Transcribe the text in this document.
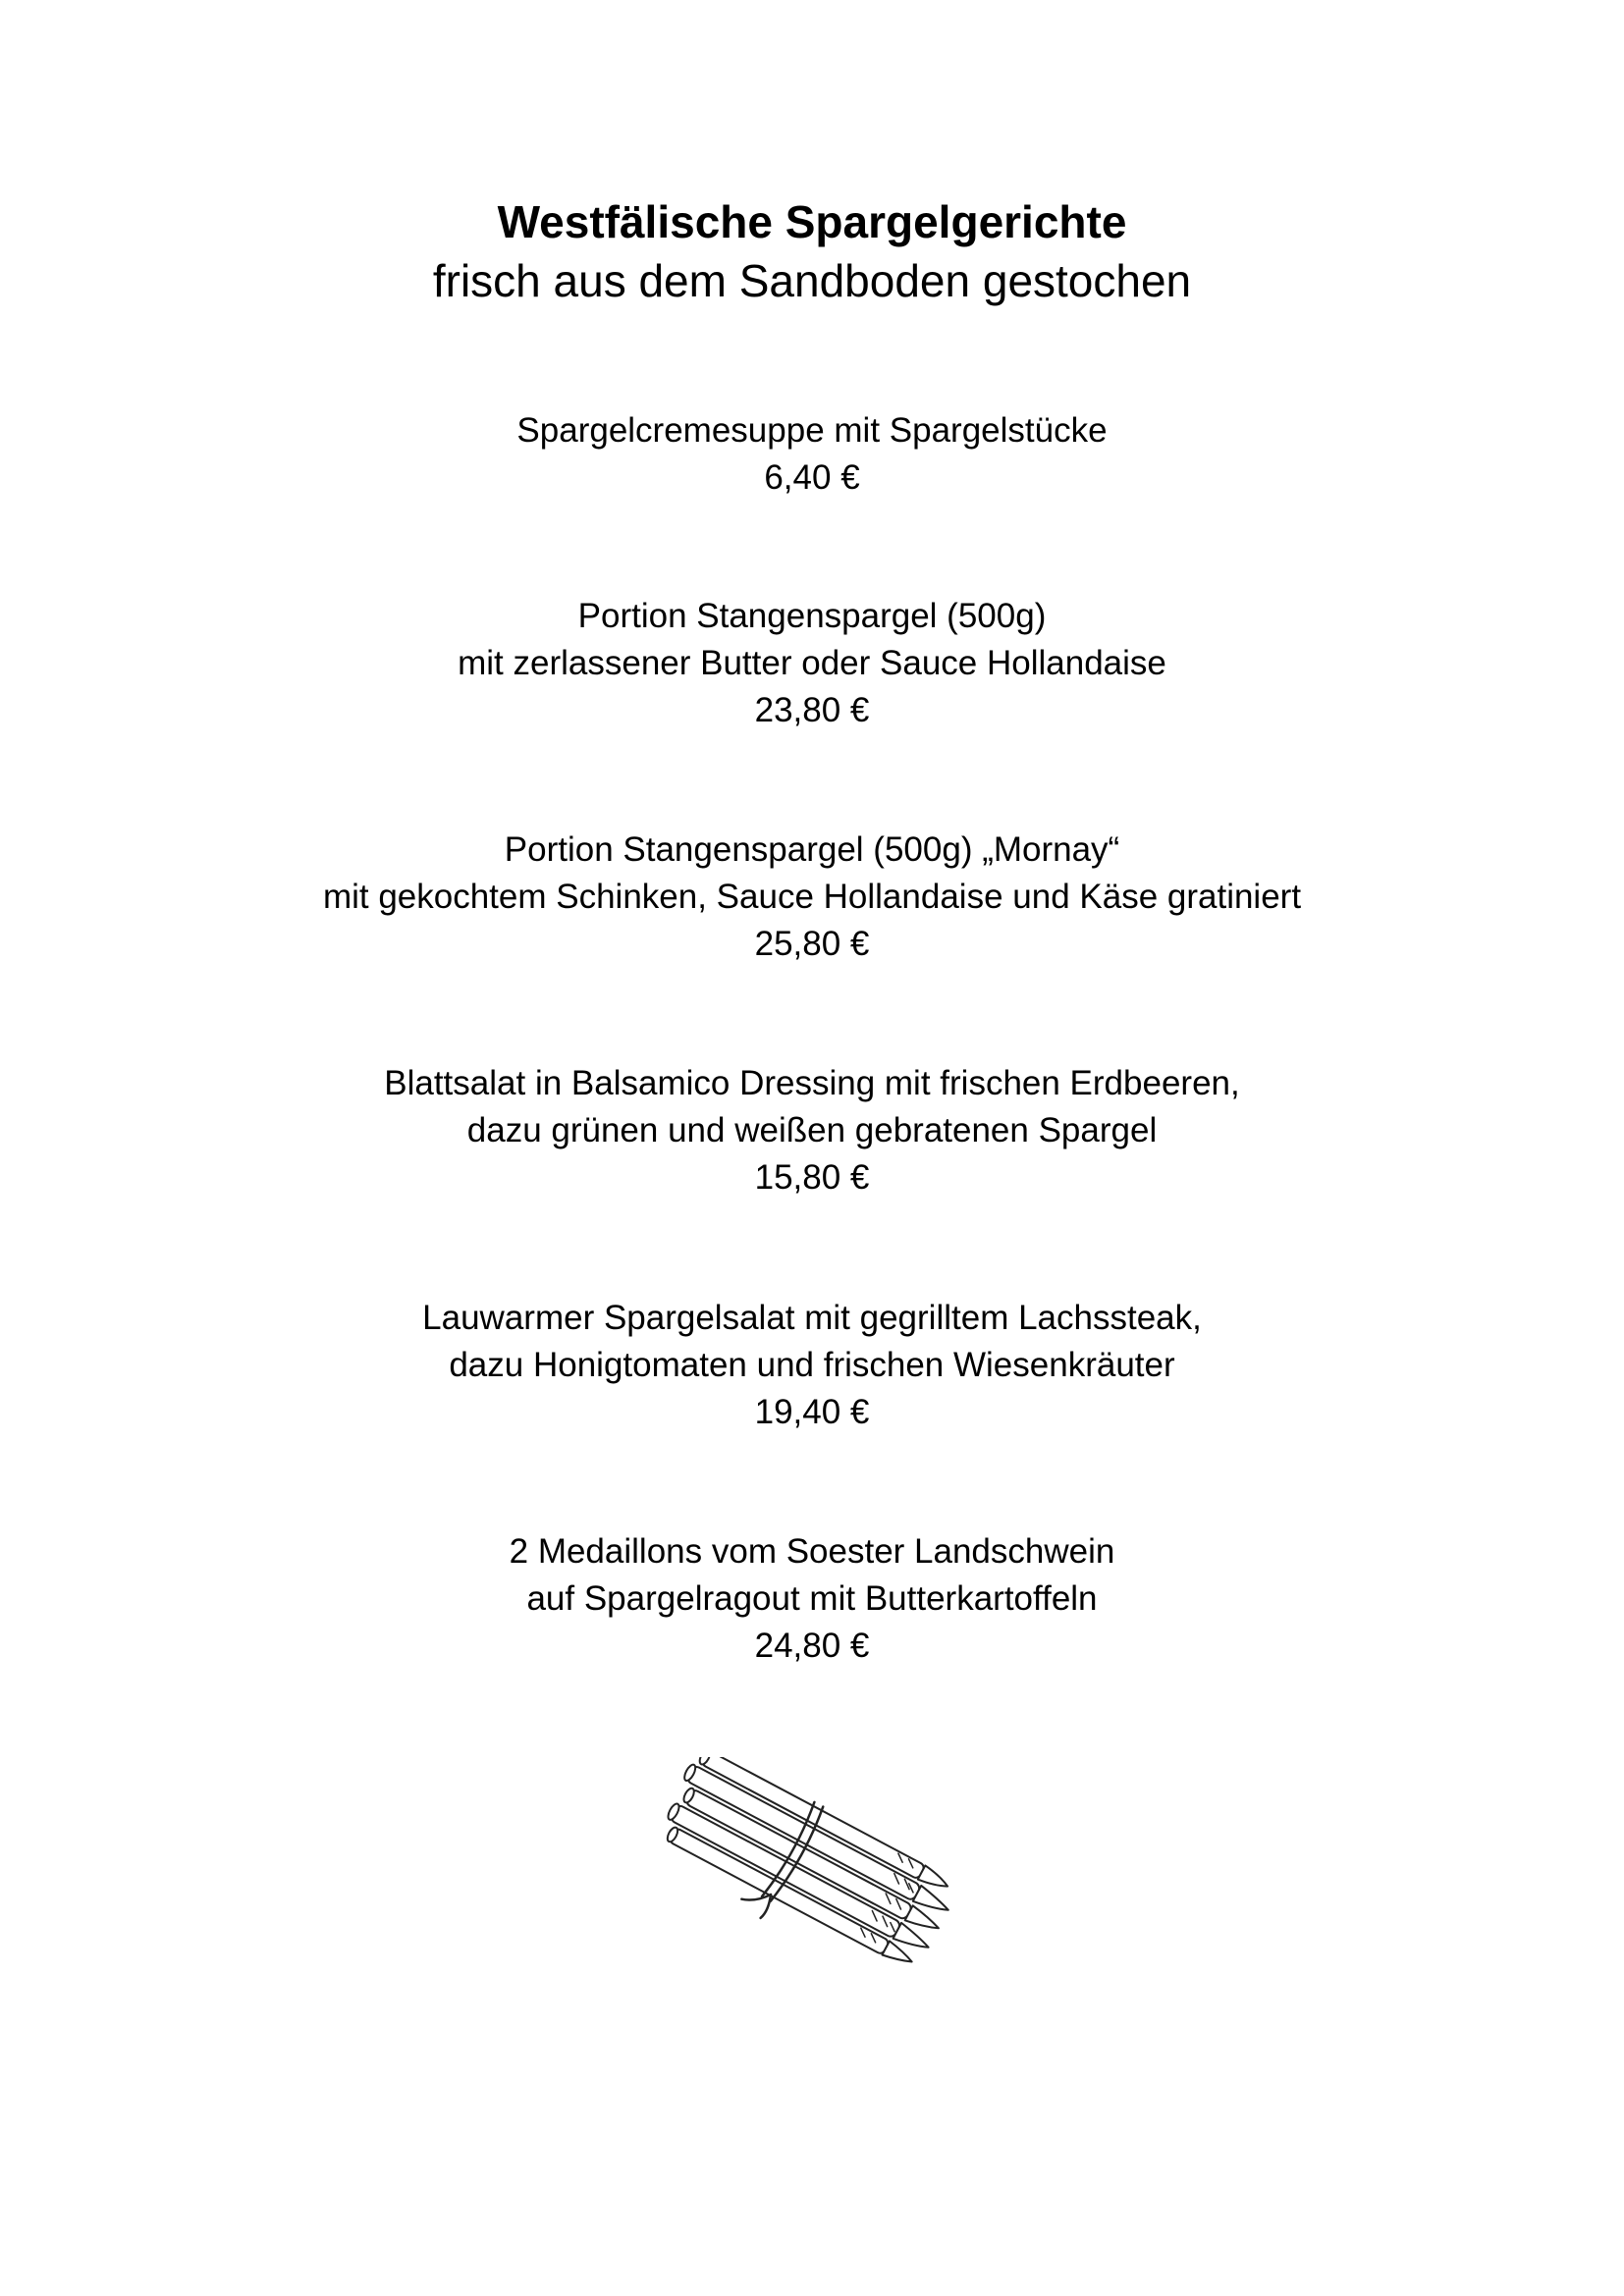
Westfälische Spargelgerichte
frisch aus dem Sandboden gestochen
Spargelcremesuppe mit Spargelstücke
6,40 €
Portion Stangenspargel (500g)
mit zerlassener Butter oder Sauce Hollandaise
23,80 €
Portion Stangenspargel (500g) „Mornay“
mit gekochtem Schinken, Sauce Hollandaise und Käse gratiniert
25,80 €
Blattsalat in Balsamico Dressing mit frischen Erdbeeren,
dazu grünen und weißen gebratenen Spargel
15,80 €
Lauwarmer Spargelsalat mit gegrilltem Lachssteak,
dazu Honigtomaten und frischen Wiesenkräuter
19,40 €
2 Medaillons vom Soester Landschwein
auf Spargelragout mit Butterkartoffeln
24,80 €
